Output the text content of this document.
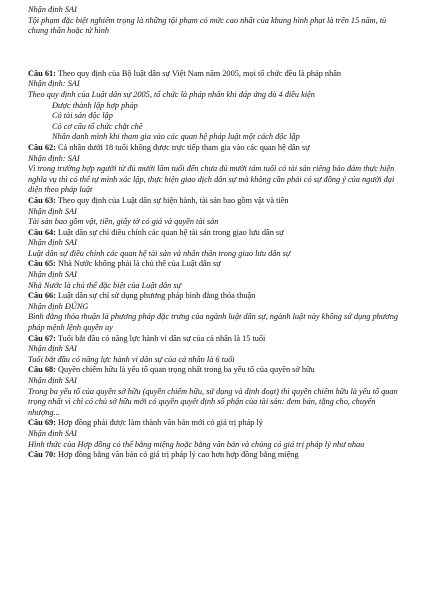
Nhận định SAI
Tội phạm đặc biệt nghiêm trọng là những tội phạm có mức cao nhất của khung hình phạt là trên 15 năm, tù chung thân hoặc tử hình
Câu 61: Theo quy định của Bộ luật dân sự Việt Nam năm 2005, mọi tổ chức đều là pháp nhân
Nhận định: SAI
Theo quy định của Luật dân sự 2005, tổ chức là pháp nhân khi đáp ứng đủ 4 điều kiện
Được thành lập hợp pháp
Có tài sản độc lập
Có cơ cấu tổ chức chặt chẽ
Nhân danh mình khi tham gia vào các quan hệ pháp luật một cách độc lập
Câu 62: Cá nhân dưới 18 tuổi không được trực tiếp tham gia vào các quan hệ dân sự
Nhận định: SAI
Vì trong trường hợp người từ đủ mười lăm tuổi đến chưa đủ mười tám tuổi có tài sản riêng bảo đảm thực hiện nghĩa vụ thì có thể tự mình xác lập, thực hiện giao dịch dân sự mà không cần phải có sự đồng ý của người đại diện theo pháp luật
Câu 63: Theo quy định của Luật dân sự hiện hành, tài sản bao gồm vật và tiền
Nhận định SAI
Tài sản bao gồm vật, tiền, giấy tờ có giá và quyền tài sản
Câu 64: Luật dân sự chỉ điều chỉnh các quan hệ tài sản trong giao lưu dân sự
Nhận định SAI
Luật dân sự điều chỉnh các quan hệ tài sản và nhân thân trong giao lưu dân sự
Câu 65: Nhà Nước không phải là chủ thể của Luật dân sự
Nhận định SAI
Nhà Nước là chủ thể đặc biệt của Luật dân sự
Câu 66: Luật dân sự chỉ sử dụng phương pháp bình đẳng thỏa thuận
Nhận định ĐÚNG
Bình đẳng thỏa thuận là phương pháp đặc trưng của ngành luật dân sự, ngành luật này không sử dụng phương pháp mệnh lệnh quyền uy
Câu 67: Tuổi bắt đầu có năng lực hành vi dân sự của cá nhân là 15 tuổi
Nhận định SAI
Tuổi bắt đầu có năng lực hành vi dân sự của cá nhân là 6 tuổi
Câu 68: Quyền chiếm hữu là yếu tố quan trọng nhất trong ba yếu tố của quyền sở hữu
Nhận định SAI
Trong ba yếu tố của quyền sở hữu (quyền chiếm hữu, sử dụng và định đoạt) thì quyền chiếm hữu là yếu tố quan trọng nhất vì chỉ có chủ sở hữu mới có quyền quyết định số phận của tài sản: đem bán, tặng cho, chuyển nhượng...
Câu 69: Hợp đồng phải được làm thành văn bản mới có giá trị pháp lý
Nhận định SAI
Hình thức của Hợp đồng có thể bằng miệng hoặc bằng văn bản và chúng có giá trị pháp lý như nhau
Câu 70: Hợp đồng bằng văn bản có giá trị pháp lý cao hơn hợp đồng bằng miệng
